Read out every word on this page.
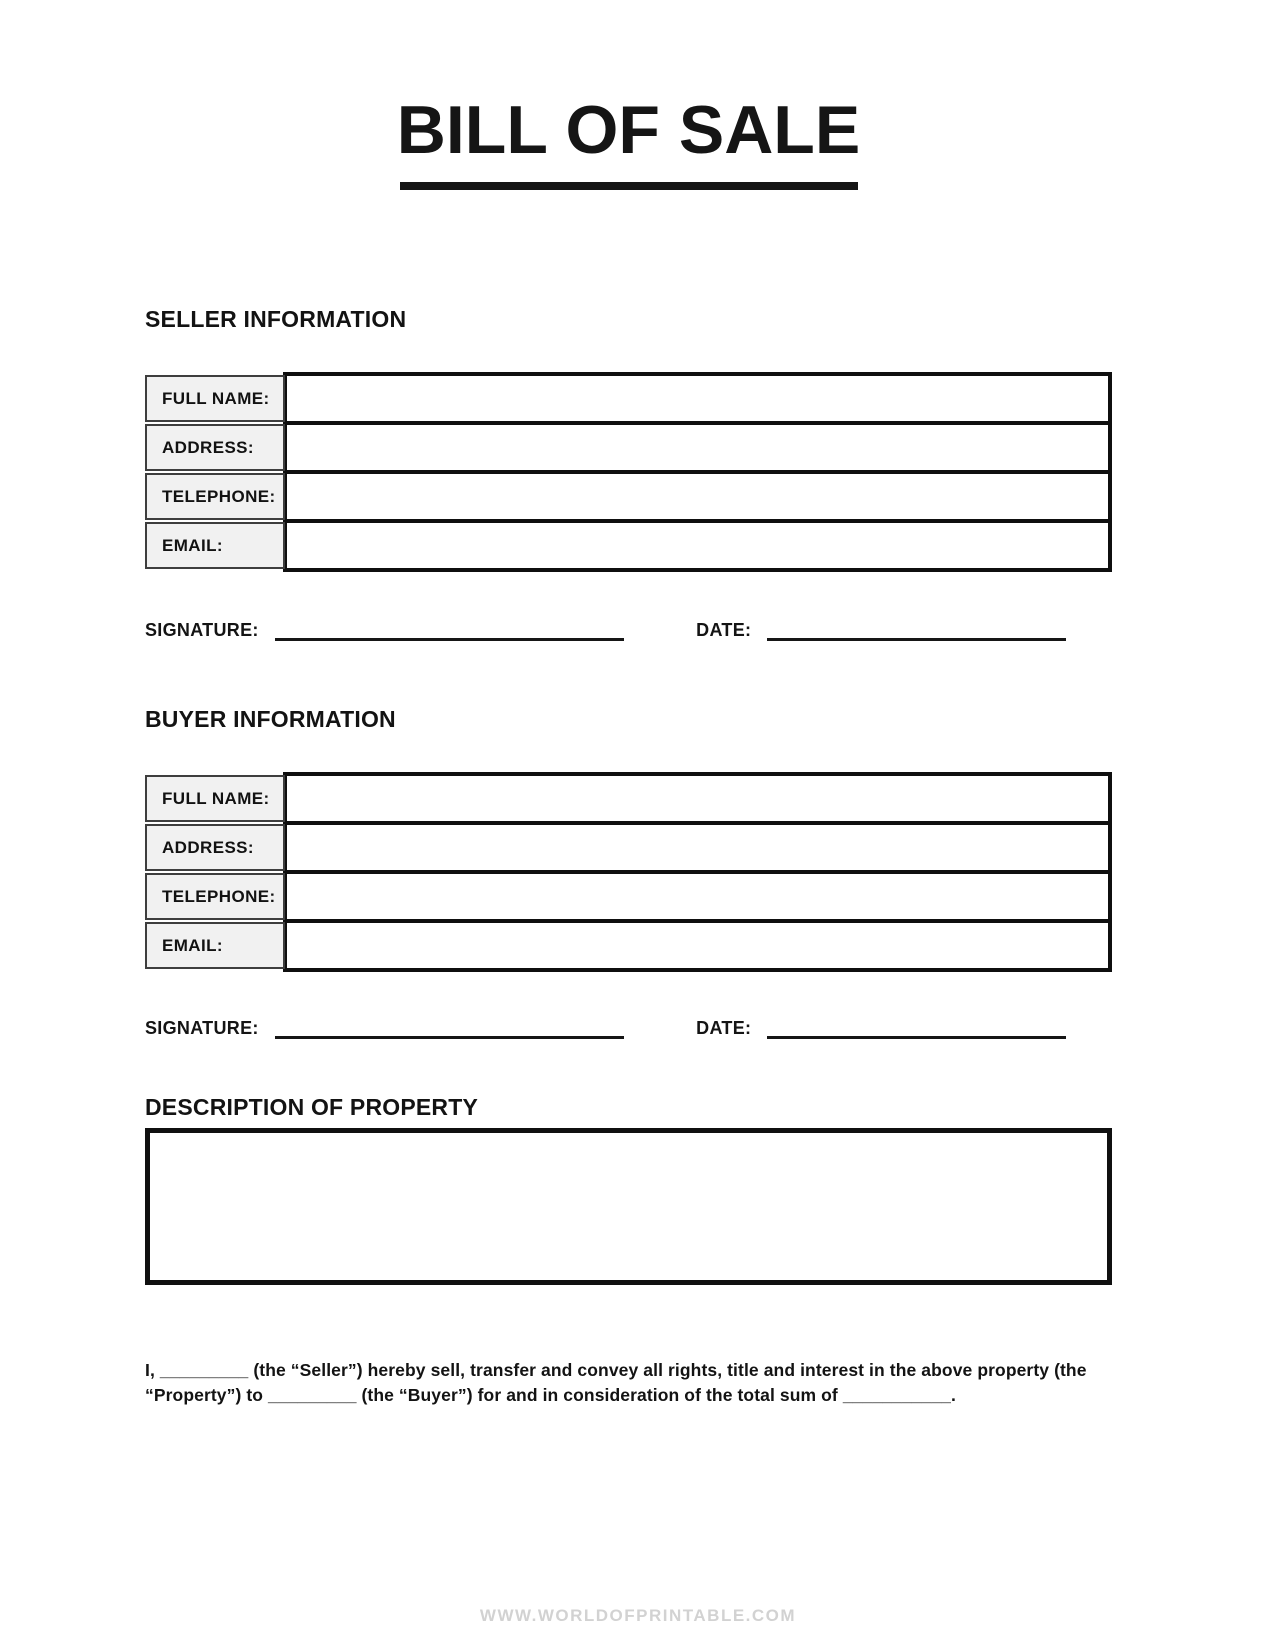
BILL OF SALE
SELLER INFORMATION
FULL NAME:
ADDRESS:
TELEPHONE:
EMAIL:
SIGNATURE:	DATE:
BUYER INFORMATION
FULL NAME:
ADDRESS:
TELEPHONE:
EMAIL:
SIGNATURE:	DATE:
DESCRIPTION OF PROPERTY
I, _________ (the “Seller”) hereby sell, transfer and convey all rights, title and interest in the above property (the “Property”) to _________ (the “Buyer”) for and in consideration of the total sum of ___________.
WWW.WORLDOFPRINTABLE.COM
